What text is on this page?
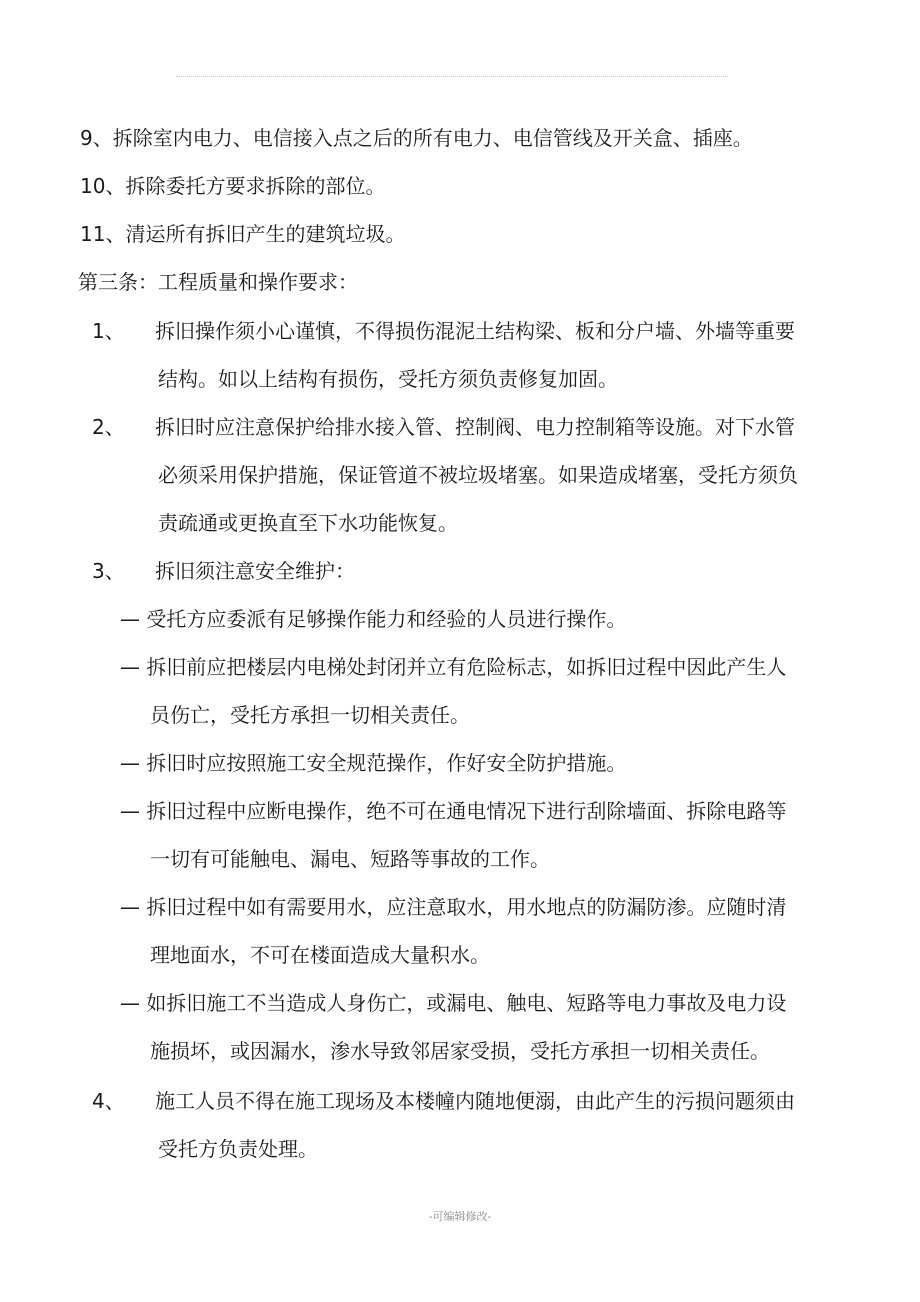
9、拆除室内电力、电信接入点之后的所有电力、电信管线及开关盒、插座。
10、拆除委托方要求拆除的部位。
11、清运所有拆旧产生的建筑垃圾。
第三条：工程质量和操作要求：
1、 拆旧操作须小心谨慎，不得损伤混泥土结构梁、板和分户墙、外墙等重要
结构。如以上结构有损伤，受托方须负责修复加固。
2、 拆旧时应注意保护给排水接入管、控制阀、电力控制箱等设施。对下水管
必须采用保护措施，保证管道不被垃圾堵塞。如果造成堵塞，受托方须负
责疏通或更换直至下水功能恢复。
3、 拆旧须注意安全维护：
— 受托方应委派有足够操作能力和经验的人员进行操作。
— 拆旧前应把楼层内电梯处封闭并立有危险标志，如拆旧过程中因此产生人
员伤亡，受托方承担一切相关责任。
— 拆旧时应按照施工安全规范操作，作好安全防护措施。
— 拆旧过程中应断电操作，绝不可在通电情况下进行刮除墙面、拆除电路等
一切有可能触电、漏电、短路等事故的工作。
— 拆旧过程中如有需要用水，应注意取水，用水地点的防漏防渗。应随时清
理地面水，不可在楼面造成大量积水。
— 如拆旧施工不当造成人身伤亡，或漏电、触电、短路等电力事故及电力设
施损坏，或因漏水，渗水导致邻居家受损，受托方承担一切相关责任。
4、 施工人员不得在施工现场及本楼幢内随地便溺，由此产生的污损问题须由
受托方负责处理。
-可编辑修改-
